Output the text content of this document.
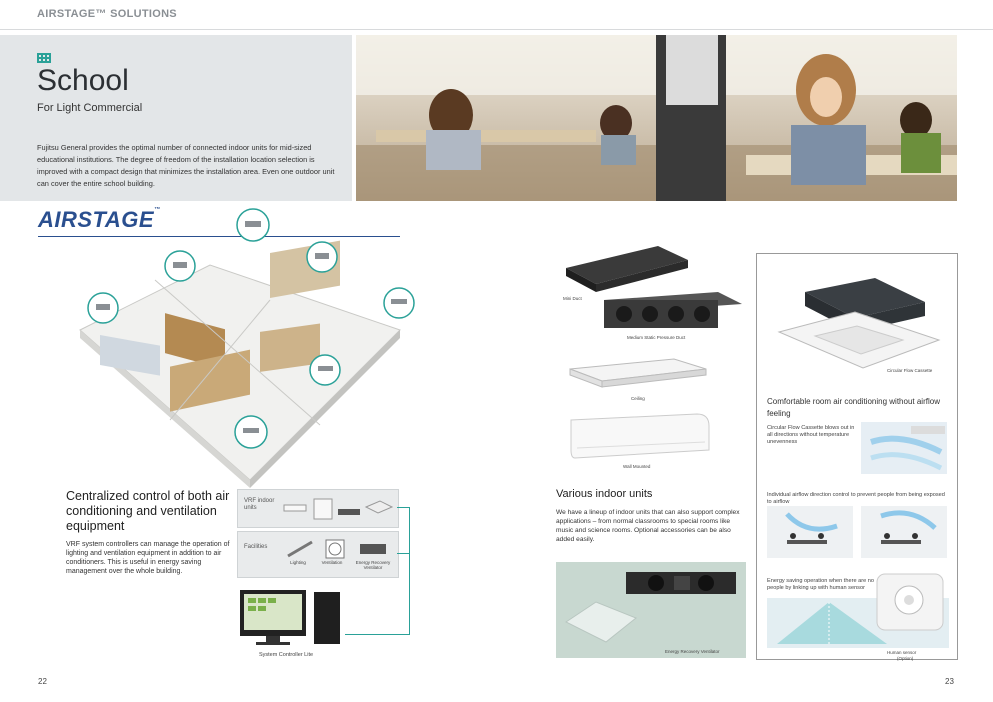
AIRSTAGE™ SOLUTIONS
School
For Light Commercial
Fujitsu General provides the optimal number of connected indoor units for mid-sized educational institutions. The degree of freedom of the installation location selection is improved with a compact design that minimizes the installation area. Even one outdoor unit can cover the entire school building.
AIRSTAGE™
Centralized control of both air conditioning and ventilation equipment
VRF system controllers can manage the operation of lighting and ventilation equipment in addition to air conditioners. This is useful in energy saving management over the whole building.
VRF indoor units
Facilities
Lighting	Ventilation	Energy Recovery Ventilator
System Controller Lite
22
Mini Duct
Medium Static Pressure Duct
Ceiling
Wall Mounted
Various indoor units
We have a lineup of indoor units that can also support complex applications – from normal classrooms to special rooms like music and science rooms. Optional accessories can be also added easily.
Energy Recovery Ventilator
Circular Flow Cassette
Comfortable room air conditioning without airflow feeling
Circular Flow Cassette blows out in all directions without temperature unevenness
Individual airflow direction control to prevent people from being exposed to airflow
Energy saving operation when there are no people by linking up with human sensor
Human sensor
(Option)
23
